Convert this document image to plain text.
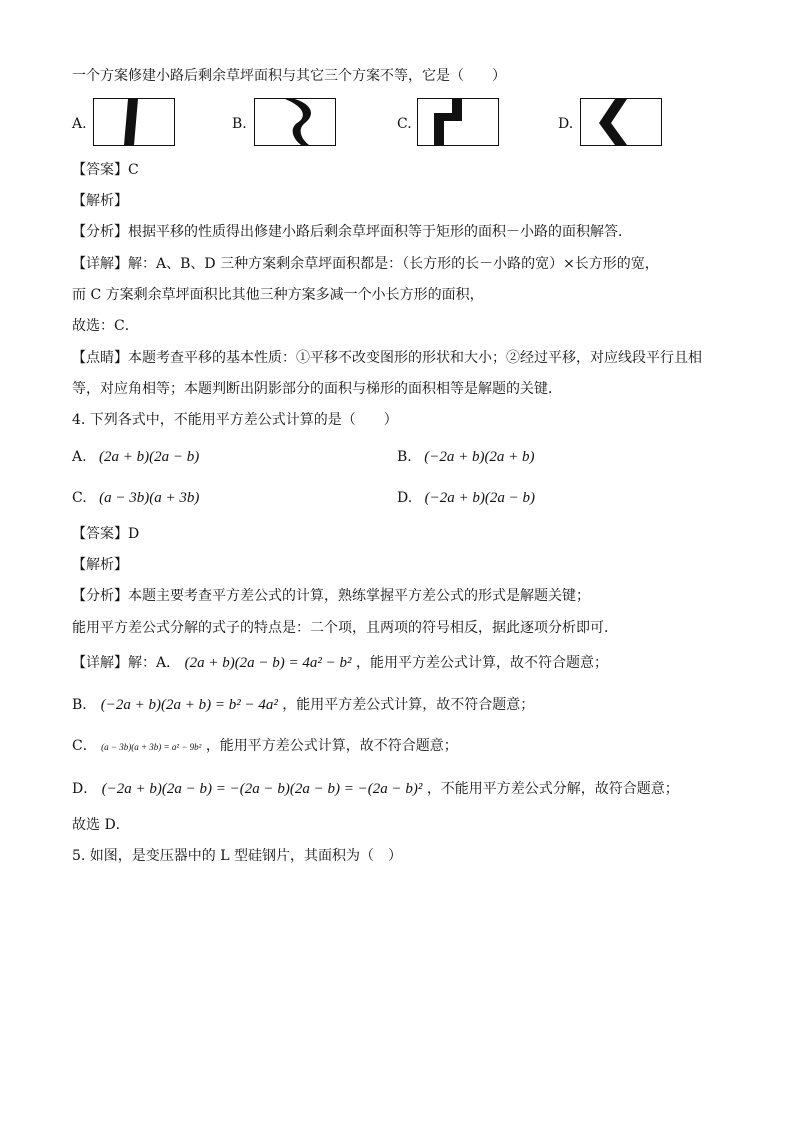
一个方案修建小路后剩余草坪面积与其它三个方案不等，它是（　　）
A.	B.	C.	D.
【答案】C
【解析】
【分析】根据平移的性质得出修建小路后剩余草坪面积等于矩形的面积－小路的面积解答．
【详解】解：A、B、D 三种方案剩余草坪面积都是：（长方形的长－小路的宽）×长方形的宽，
而 C 方案剩余草坪面积比其他三种方案多减一个小长方形的面积，
故选：C．
【点睛】本题考查平移的基本性质：①平移不改变图形的形状和大小；②经过平移，对应线段平行且相
等，对应角相等；本题判断出阴影部分的面积与梯形的面积相等是解题的关键．
4. 下列各式中，不能用平方差公式计算的是（　　）
A. (2a + b)(2a − b)	B. (−2a + b)(2a + b)
C. (a − 3b)(a + 3b)	D. (−2a + b)(2a − b)
【答案】D
【解析】
【分析】本题主要考查平方差公式的计算，熟练掌握平方差公式的形式是解题关键；
能用平方差公式分解的式子的特点是：二个项，且两项的符号相反，据此逐项分析即可．
【详解】解：A． (2a + b)(2a − b) = 4a² − b² ，能用平方差公式计算，故不符合题意；
B． (−2a + b)(2a + b) = b² − 4a² ，能用平方差公式计算，故不符合题意；
C． (a − 3b)(a + 3b) = a² − 9b² ，能用平方差公式计算，故不符合题意；
D． (−2a + b)(2a − b) = −(2a − b)(2a − b) = −(2a − b)² ，不能用平方差公式分解，故符合题意；
故选 D．
5. 如图，是变压器中的 L 型硅钢片，其面积为（　）
